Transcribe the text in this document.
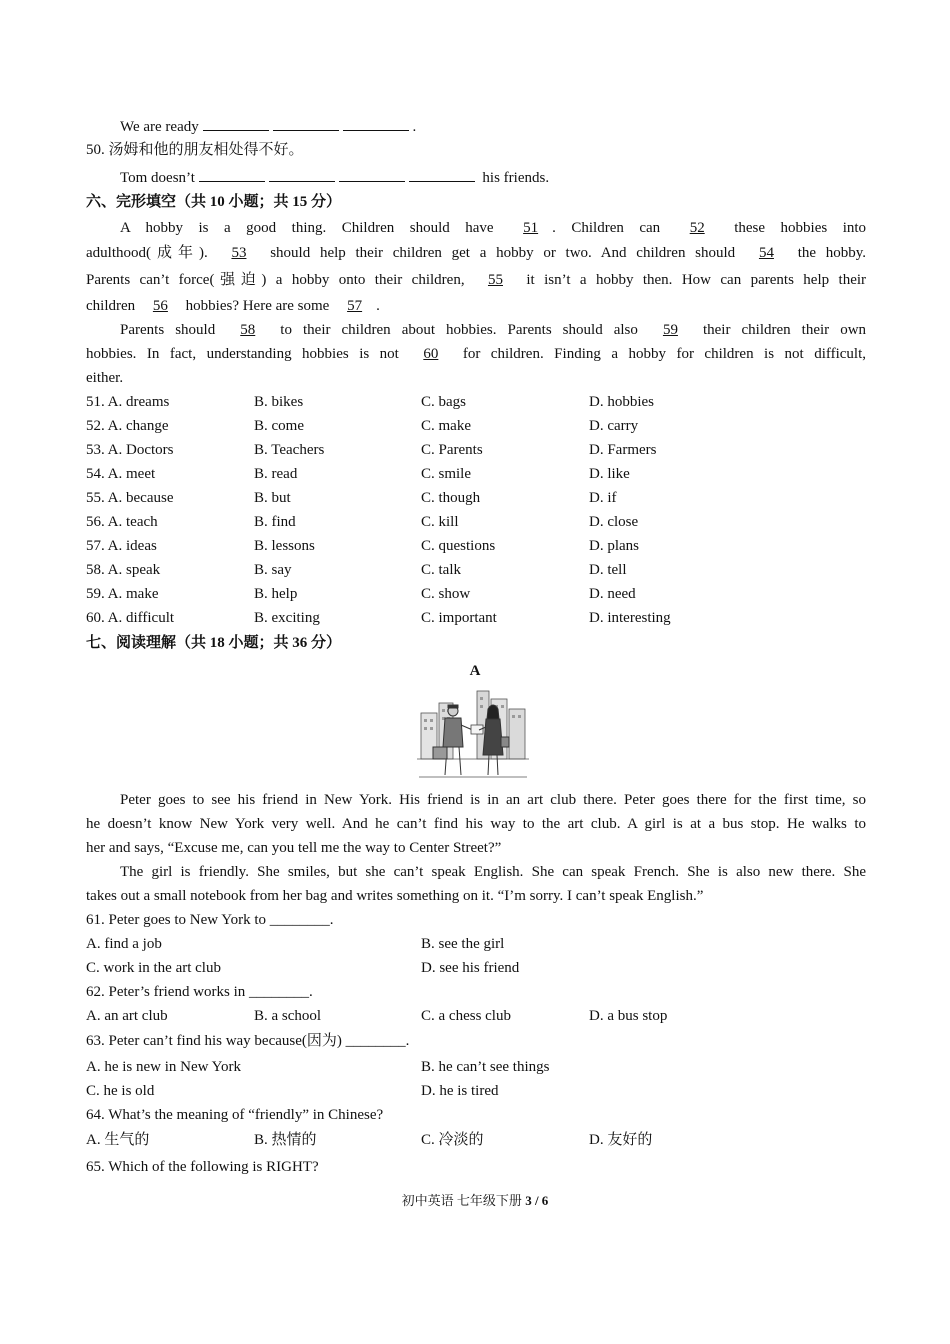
We are ready	.
50. 汤姆和他的朋友相处得不好。
Tom doesn’t	his friends.
六、完形填空（共 10 小题；共 15 分）
A hobby is a good thing. Children should have 51 . Children can 52 these hobbies into
adulthood(成年). 53 should help their children get a hobby or two. And children should 54 the hobby.
Parents can’t force(强迫) a hobby onto their children, 55 it isn’t a hobby then. How can parents help their
children 56 hobbies? Here are some 57 .
Parents should 58 to their children about hobbies. Parents should also 59 their children their own
hobbies. In fact, understanding hobbies is not 60 for children. Finding a hobby for children is not difficult,
either.
51. A. dreams	B. bikes	C. bags	D. hobbies
52. A. change	B. come	C. make	D. carry
53. A. Doctors	B. Teachers	C. Parents	D. Farmers
54. A. meet	B. read	C. smile	D. like
55. A. because	B. but	C. though	D. if
56. A. teach	B. find	C. kill	D. close
57. A. ideas	B. lessons	C. questions	D. plans
58. A. speak	B. say	C. talk	D. tell
59. A. make	B. help	C. show	D. need
60. A. difficult	B. exciting	C. important	D. interesting
七、阅读理解（共 18 小题；共 36 分）
A
Peter goes to see his friend in New York. His friend is in an art club there. Peter goes there for the first time, so
he doesn’t know New York very well. And he can’t find his way to the art club. A girl is at a bus stop. He walks to
her and says, “Excuse me, can you tell me the way to Center Street?”
The girl is friendly. She smiles, but she can’t speak English. She can speak French. She is also new there. She
takes out a small notebook from her bag and writes something on it. “I’m sorry. I can’t speak English.”
61. Peter goes to New York to ________.
A. find a job	B. see the girl
C. work in the art club	D. see his friend
62. Peter’s friend works in ________.
A. an art club	B. a school	C. a chess club	D. a bus stop
63. Peter can’t find his way because(因为) ________.
A. he is new in New York	B. he can’t see things
C. he is old	D. he is tired
64. What’s the meaning of “friendly” in Chinese?
A. 生气的	B. 热情的	C. 冷淡的	D. 友好的
65. Which of the following is RIGHT?
初中英语 七年级下册 3 / 6
